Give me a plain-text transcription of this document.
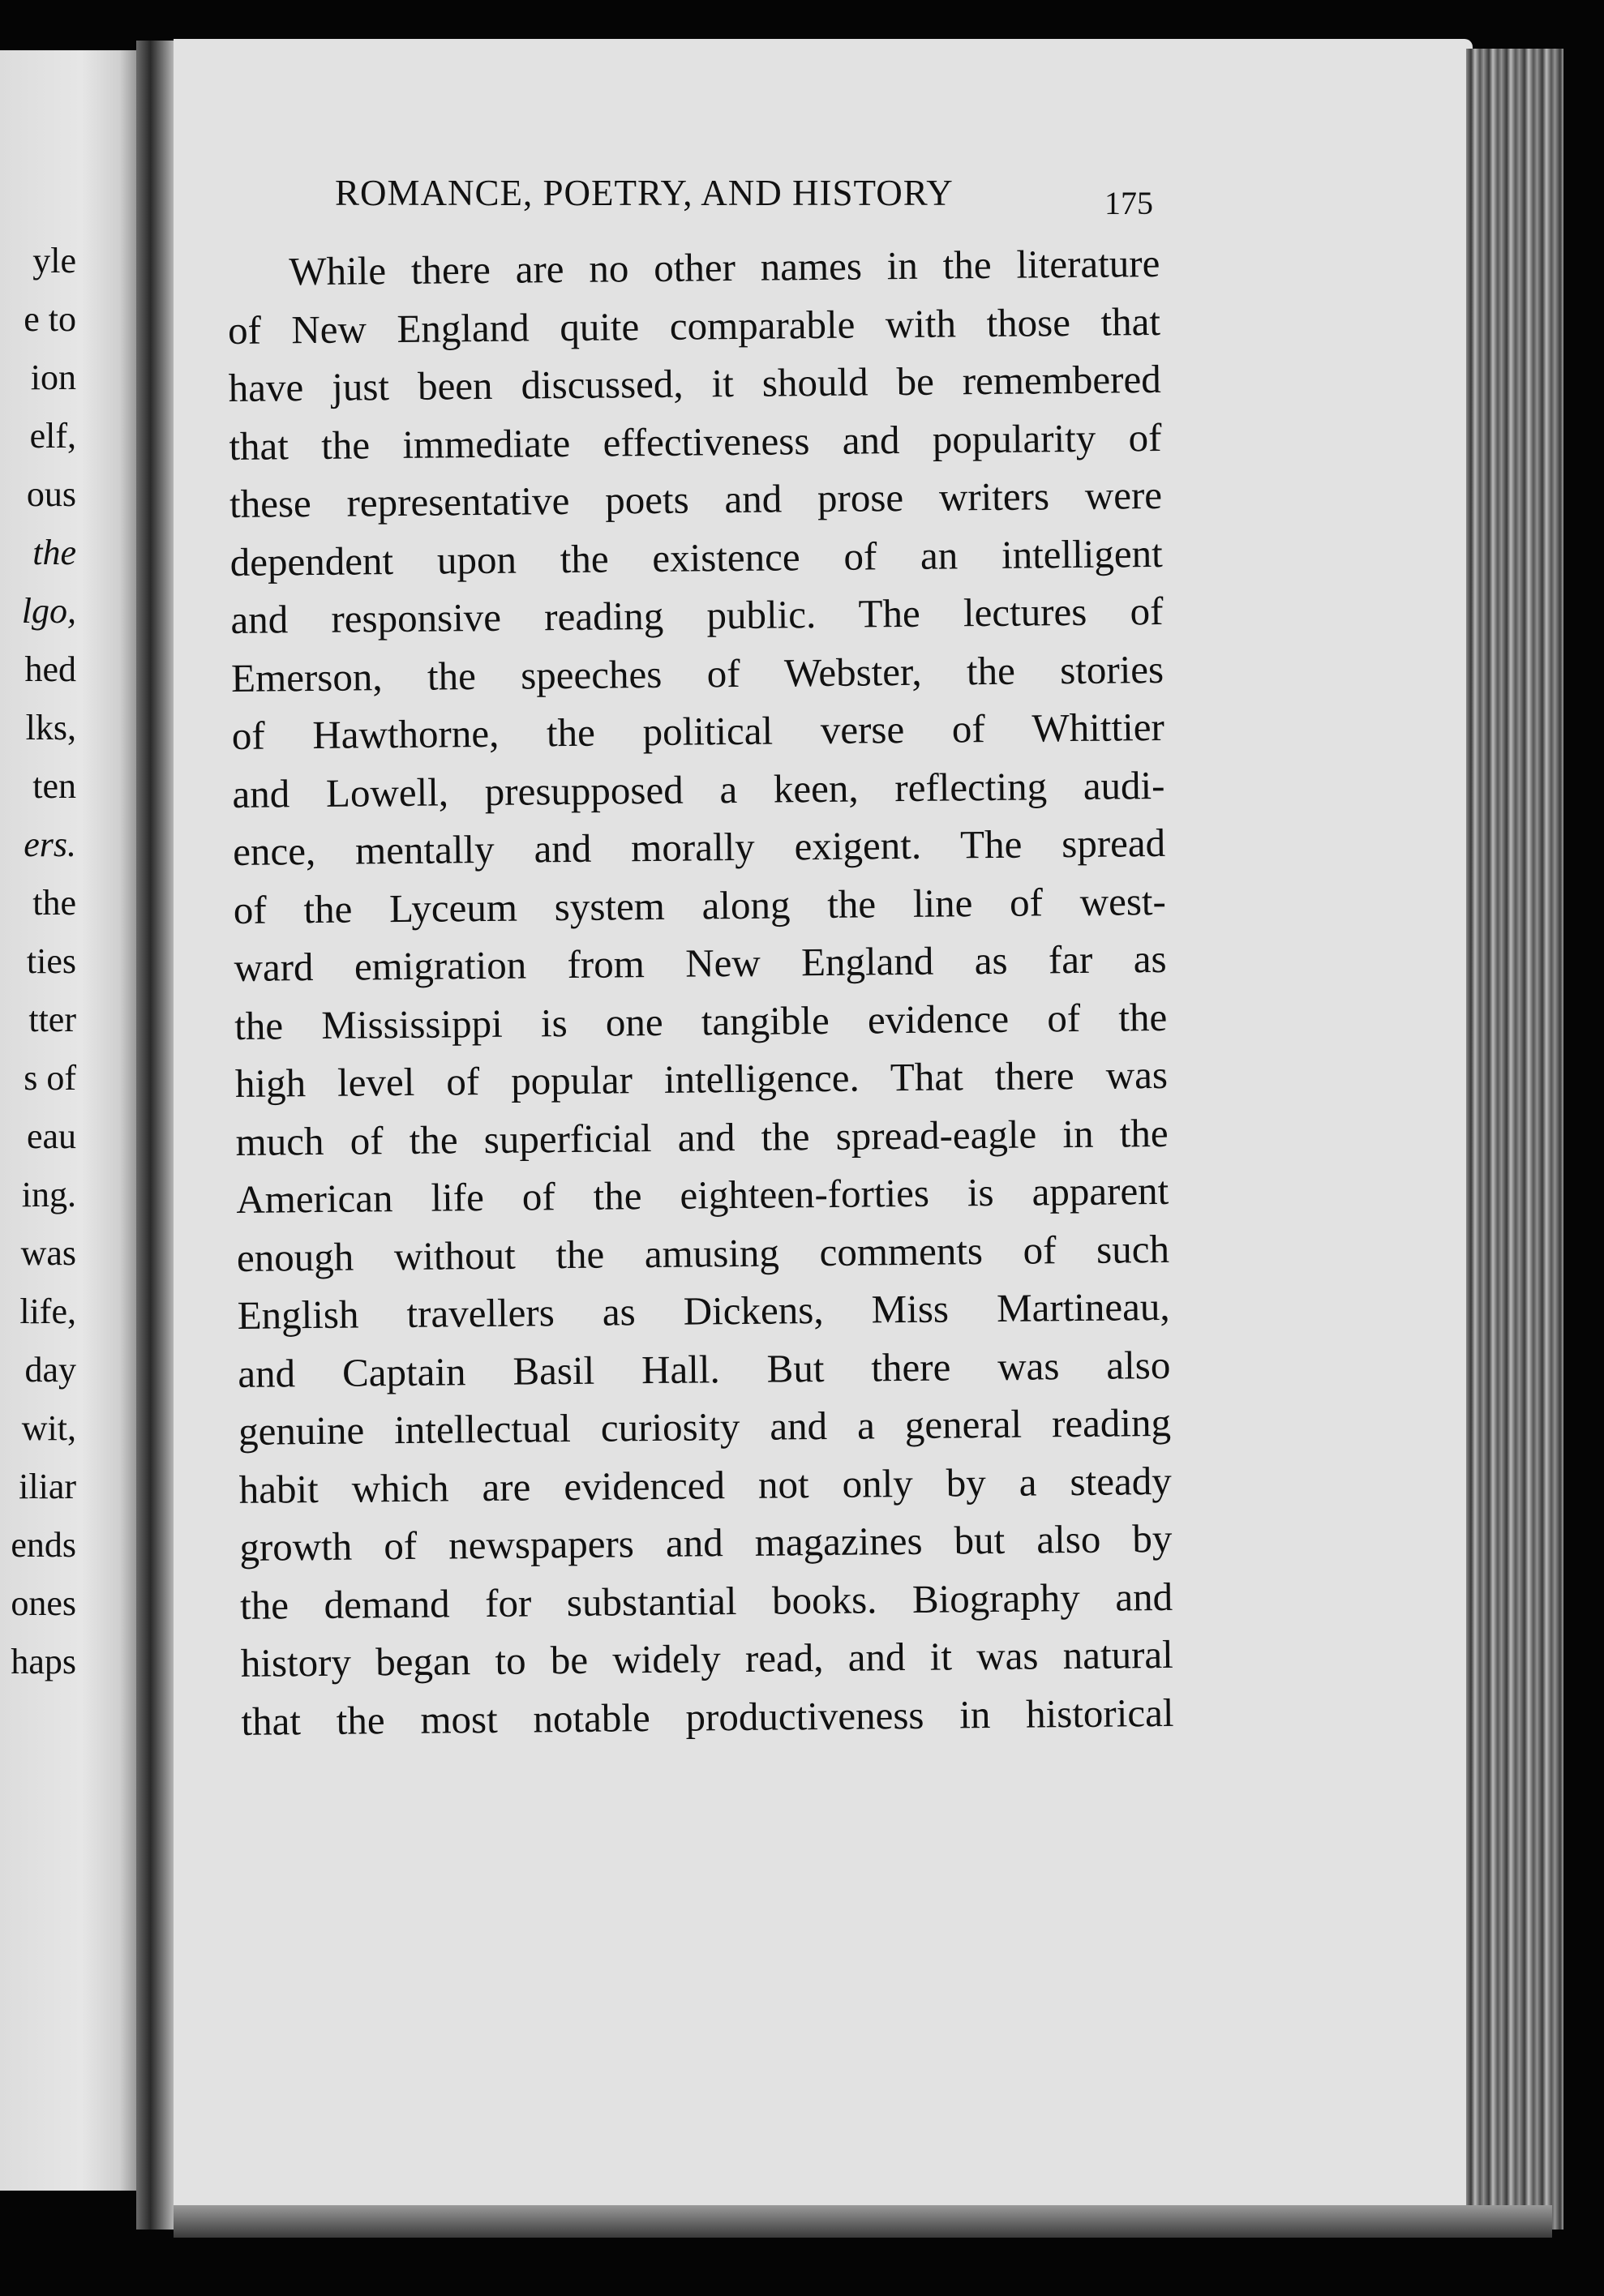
yle
e to
ion
elf,
ous
the
lgo,
hed
lks,
ten
ers.
the
ties
tter
s of
eau
ing.
was
life,
day
wit,
iliar
ends
ones
haps
ROMANCE, POETRY, AND HISTORY	175
While there are no other names in the literature
of New England quite comparable with those that
have just been discussed, it should be remembered
that the immediate effectiveness and popularity of
these representative poets and prose writers were
dependent upon the existence of an intelligent
and responsive reading public. The lectures of
Emerson, the speeches of Webster, the stories
of Hawthorne, the political verse of Whittier
and Lowell, presupposed a keen, reflecting audi-
ence, mentally and morally exigent. The spread
of the Lyceum system along the line of west-
ward emigration from New England as far as
the Mississippi is one tangible evidence of the
high level of popular intelligence. That there was
much of the superficial and the spread-eagle in the
American life of the eighteen-forties is apparent
enough without the amusing comments of such
English travellers as Dickens, Miss Martineau,
and Captain Basil Hall. But there was also
genuine intellectual curiosity and a general reading
habit which are evidenced not only by a steady
growth of newspapers and magazines but also by
the demand for substantial books. Biography and
history began to be widely read, and it was natural
that the most notable productiveness in historical
